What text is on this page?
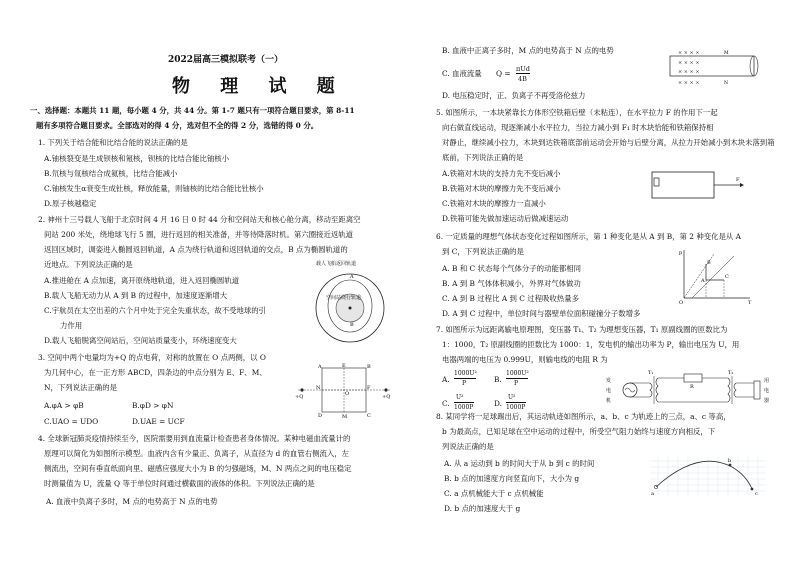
2022届高三模拟联考（一）
物 理 试 题
一、选择题：本题共 11 题，每小题 4 分，共 44 分。第 1-7 题只有一项符合题目要求，第 8-11
题有多项符合题目要求。全部选对的得 4 分，选对但不全的得 2 分，选错的得 0 分。
1. 下列关于结合能和比结合能的说法正确的是
A.铀核裂变是生成钡核和氪核，钡核的比结合能比铀核小
B.氘核与氚核结合成氦核，比结合能减小
C.铀核发生α衰变生成钍核，释放能量，则铀核的比结合能比钍核小
D.原子核越稳定
2. 神州十三号载人飞船于北京时间 4 月 16 日 0 时 44 分和空间站天和核心舱分离，移动至距离空
间站 200 米处，绕地球飞行 5 圈，进行返回的相关准备，并等待降落时机。第六圈接近返轨道
返回区域时，调姿进入椭圆返回轨道，A 点为绕行轨道和返回轨道的交点，B 点为椭圆轨道的
近地点。下列说法正确的是
A.推进舱在 A 点加速，离开原绕地轨道，进入返回椭圆轨道
B.载人飞船无动力从 A 到 B 的过程中，加速度逐渐增大
C.宇航员在太空出差的六个月中处于完全失重状态，故不受地球的引
力作用
D.载人飞船脱离空间站后，空间站质量变小，环绕速度变大
A
B
载人飞船返回轨道
空间站绕行轨道
3. 空间中两个电量均为+Q 的点电荷，对称的放置在 O 点两侧，以 O
为几何中心，在一正方形 ABCD，四条边的中点分别为 E、F、M、
N，下列说法正确的是
A.φA > φB	B.φD > φN
C.UAO = UDO	D.UAE = UCF
A	E	B
N
O
F
D	M	C
+Q	+Q
4. 全球新冠肺炎疫情持续至今，医院需要用到血流量计检查患者身体情况。某种电磁血流量计的
原理可以简化为如图所示模型。血液内含有少量正、负离子，从直径为 d 的血管右侧流入，左
侧流出，空间有垂直纸面向里、磁感应强度大小为 B 的匀强磁场，M、N 两点之间的电压稳定
时测量值为 U，流量 Q 等于单位时间通过横截面的液体的体积。下列说法正确的是
A. 血液中负离子多时，M 点的电势高于 N 点的电势
B. 血液中正离子多时，M 点的电势高于 N 点的电势
C. 血液流量 Q = πUd
4B
D. 电压稳定时，正、负离子不再受洛伦兹力
× × × ×
× × × ×
× × × ×
× × × ×
M
N
5. 如图所示，一本块紧靠长方体形空铁箱后壁（未粘连），在水平拉力 F 的作用下一起
向右做直线运动，现逐渐减小水平拉力，当拉力减小到 F₁ 时木块恰能和铁箱保持相
对静止，继续减小拉力，木块到达铁箱底部前运动会开始与后壁分离，从拉力开始减小到木块未落到箱
底前，下列说法正确的是
A.铁箱对木块的支持力先不变后减小
B.铁箱对木块的摩擦力先不变后减小
C.铁箱对木块的摩擦力一直减小
D.铁箱可能先做加速运动后做减速运动
F
6. 一定质量的理想气体状态变化过程如图所示，第 1 种变化是从 A 到 B，第 2 种变化是从 A
到 C，下列说法正确的是
A. B 和 C 状态每个气体分子的动能都相同
B. A 到 B 气体体积减小，外界对气体做功
C. A 到 B 过程比 A 到 C 过程吸收热量多
D. A 到 C 过程中，单位时间与器壁单位面积碰撞分子数增多
p
T
O
A
B
C
7. 如图所示为远距离输电原理图，变压器 T₁、T₂ 为理想变压器，T₁ 原副线圈的匝数比为
1：1000，T₂ 原副线圈的匝数比为 1000：1，发电机的输出功率为 P，输出电压为 U，用
电器两端的电压为 0.999U，则输电线的电阻 R 为
A.
1000U²
P	B.
1000U²
P
C.
U²
1000P	D.
U²
1000P
发
电
机
T₁
R
T₂
用
电
器
8. 某同学将一足球踢出后，其运动轨迹如图所示，a、b、c 为轨迹上的三点，a、c 等高，
b 为最高点，已知足球在空中运动的过程中，所受空气阻力始终与速度方向相反，下
列说法正确的是
A. 从 a 运动到 b 的时间大于从 b 到 c 的时间
B. b 点的加速度方向竖直向下，大小为 g
C. a 点机械能大于 c 点机械能
D. b 点的加速度大于 g
a
b
c
